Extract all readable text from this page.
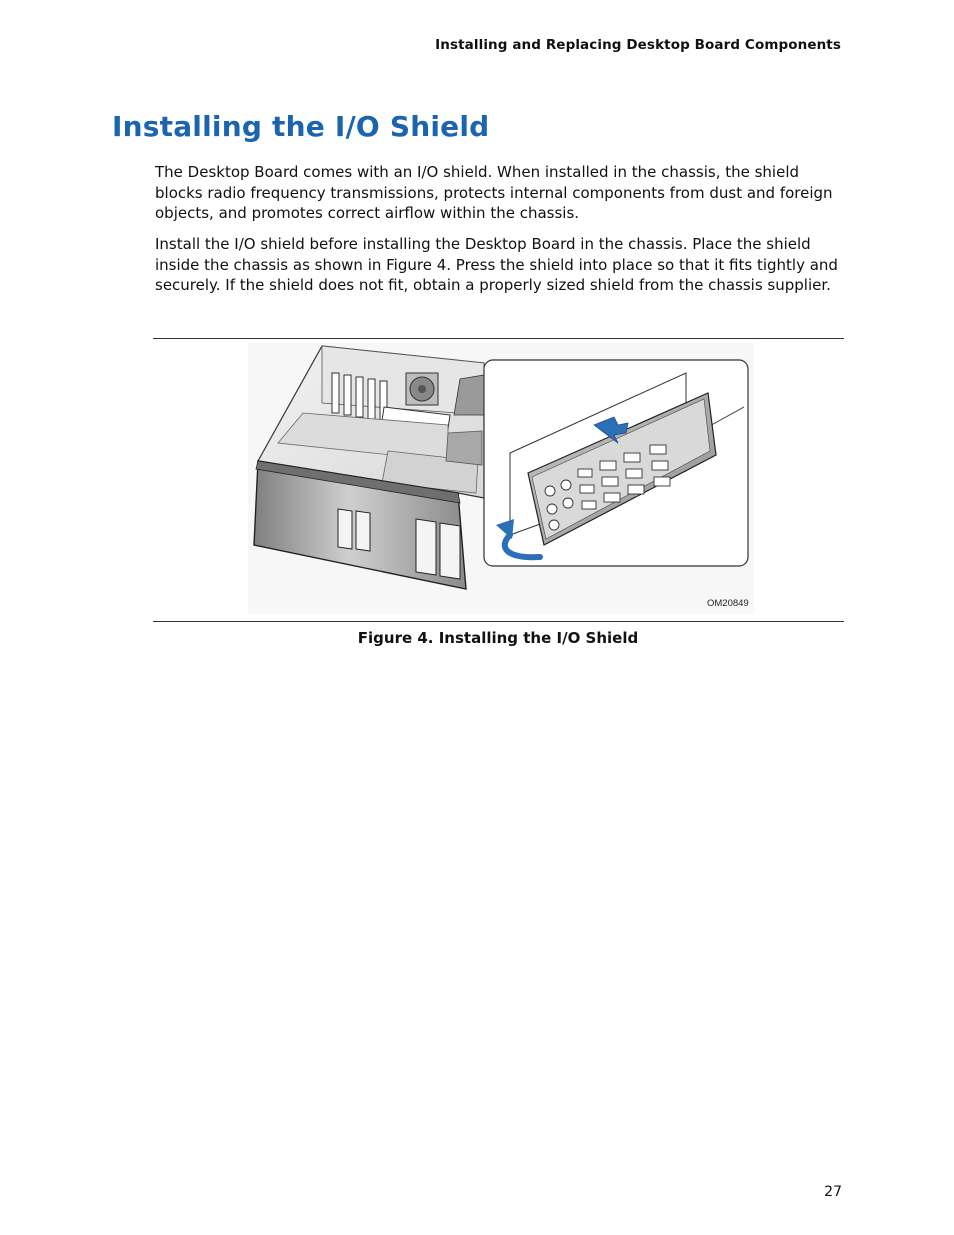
Installing and Replacing Desktop Board Components
Installing the I/O Shield

The Desktop Board comes with an I/O shield. When installed in the chassis, the shield blocks radio frequency transmissions, protects internal components from dust and foreign objects, and promotes correct airflow within the chassis.

Install the I/O shield before installing the Desktop Board in the chassis. Place the shield inside the chassis as shown in Figure 4. Press the shield into place so that it fits tightly and securely. If the shield does not fit, obtain a properly sized shield from the chassis supplier.

OM20849
Figure 4. Installing the I/O Shield
27
